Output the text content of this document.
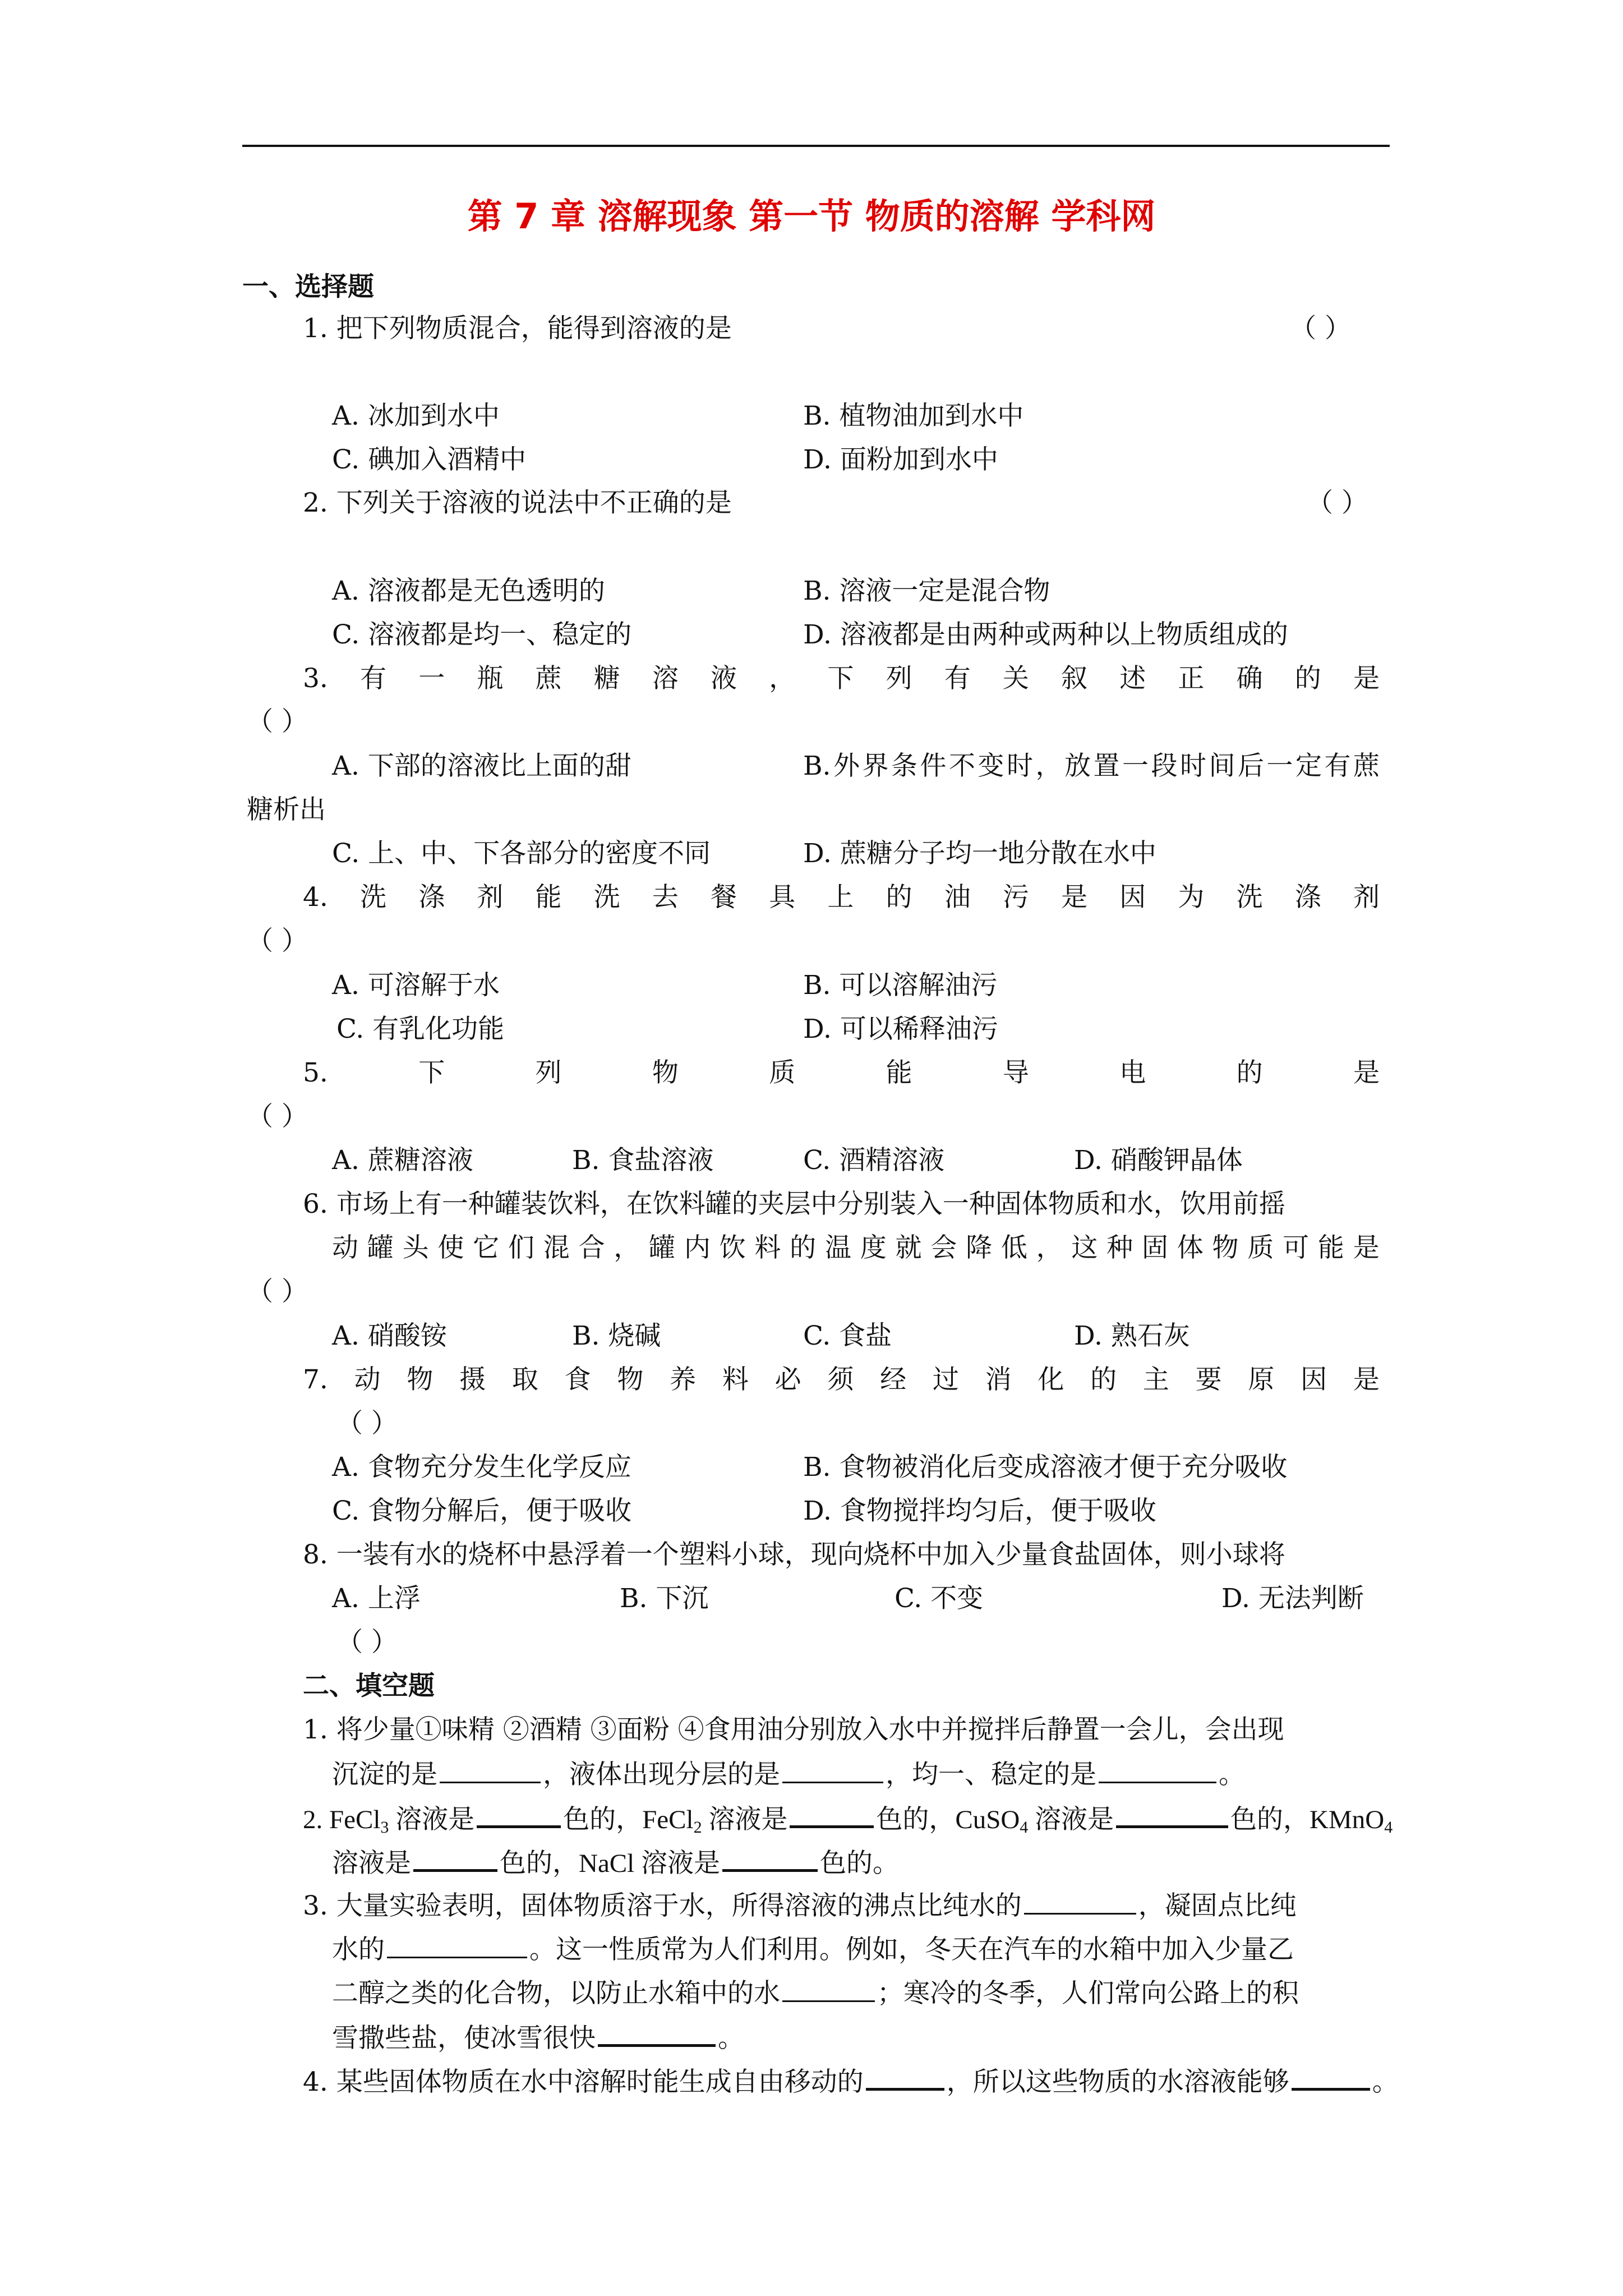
第 7 章 溶解现象 第一节 物质的溶解 学科网
一、选择题
1. 把下列物质混合，能得到溶液的是	（ ）
A. 冰加到水中	B. 植物油加到水中
C. 碘加入酒精中	D. 面粉加到水中
2. 下列关于溶液的说法中不正确的是	（ ）
A. 溶液都是无色透明的	B. 溶液一定是混合物
C. 溶液都是均一、稳定的	D. 溶液都是由两种或两种以上物质组成的
3. 有 一 瓶 蔗 糖 溶 液 ， 下 列 有 关 叙 述 正 确 的 是
（ ）
A. 下部的溶液比上面的甜	B. 外 界 条 件 不 变 时 ， 放 置 一 段 时 间 后 一 定 有 蔗
糖析出
C. 上、中、下各部分的密度不同	D. 蔗糖分子均一地分散在水中
4. 洗 涤 剂 能 洗 去 餐 具 上 的 油 污 是 因 为 洗 涤 剂
（ ）
A. 可溶解于水	B. 可以溶解油污
C. 有乳化功能	D. 可以稀释油污
5.	下	列	物	质	能	导	电	的	是
（ ）
A. 蔗糖溶液	B. 食盐溶液	C. 酒精溶液	D. 硝酸钾晶体
6. 市场上有一种罐装饮料，在饮料罐的夹层中分别装入一种固体物质和水，饮用前摇
动 罐 头 使 它 们 混 合 ， 罐 内 饮 料 的 温 度 就 会 降 低 ， 这 种 固 体 物 质 可 能 是
（ ）
A. 硝酸铵	B. 烧碱	C. 食盐	D. 熟石灰
7. 动 物 摄 取 食 物 养 料 必 须 经 过 消 化 的 主 要 原 因 是
（ ）
A. 食物充分发生化学反应	B. 食物被消化后变成溶液才便于充分吸收
C. 食物分解后，便于吸收	D. 食物搅拌均匀后，便于吸收
8. 一装有水的烧杯中悬浮着一个塑料小球，现向烧杯中加入少量食盐固体，则小球将
A. 上浮	B. 下沉	C. 不变	D. 无法判断
（ ）
二、填空题
1. 将少量①味精 ②酒精 ③面粉 ④食用油分别放入水中并搅拌后静置一会儿，会出现
沉淀的是	，液体出现分层的是	，均一、稳定的是	。
2. FeCl$_3$ 溶液是	色的，FeCl$_2$ 溶液是	色的，CuSO$_4$ 溶液是	色的，KMnO$_4$
溶液是	色的，NaCl 溶液是	色的。
3. 大量实验表明，固体物质溶于水，所得溶液的沸点比纯水的	，凝固点比纯
水的	。这一性质常为人们利用。例如，冬天在汽车的水箱中加入少量乙
二醇之类的化合物，以防止水箱中的水	；寒冷的冬季，人们常向公路上的积
雪撒些盐，使冰雪很快	。
4. 某些固体物质在水中溶解时能生成自由移动的	，所以这些物质的水溶液能够	。
